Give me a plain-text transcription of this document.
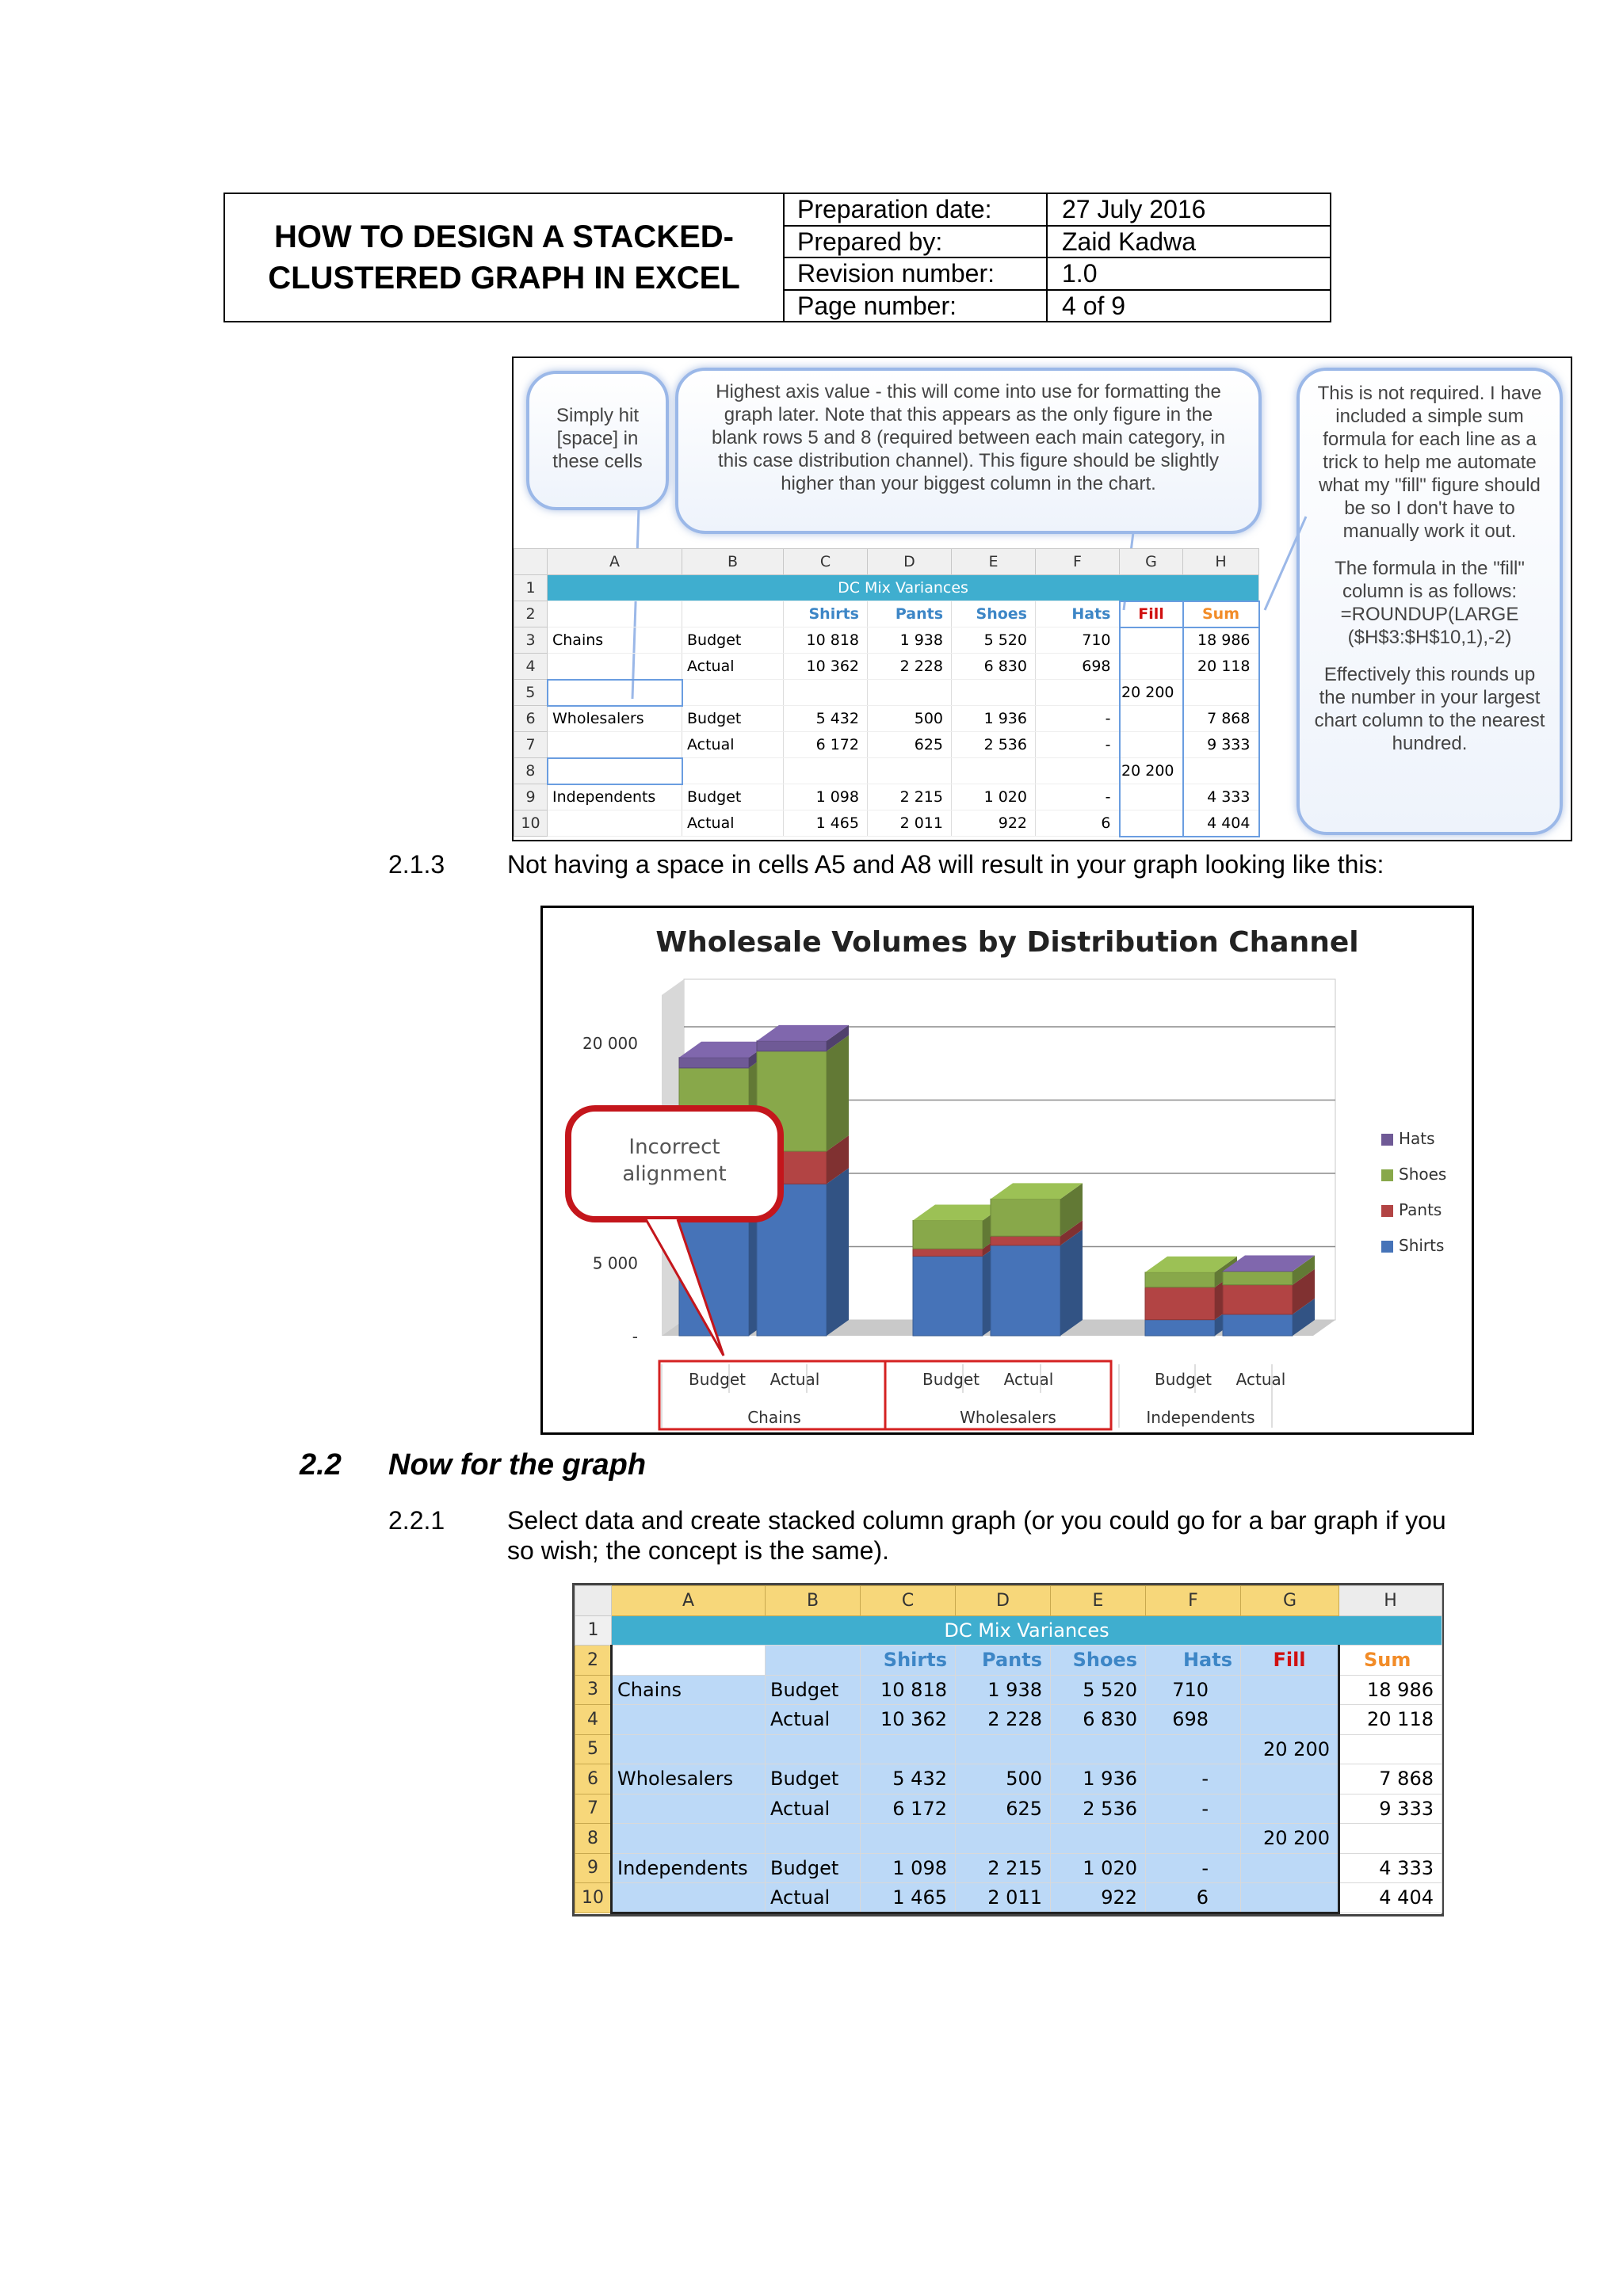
HOW TO DESIGN A STACKED-CLUSTERED GRAPH IN EXCEL
Preparation date:	27 July 2016
Prepared by:	Zaid Kadwa
Revision number:	1.0
Page number:	4 of 9
Simply hit [space] in these cells
Highest axis value - this will come into use for formatting the graph later. Note that this appears as the only figure in the blank rows 5 and 8 (required between each main category, in this case distribution channel). This figure should be slightly higher than your biggest column in the chart.
This is not required. I have included a simple sum formula for each line as a trick to help me automate what my "fill" figure should be so I don't have to manually work it out.
The formula in the "fill" column is as follows: =ROUNDUP(LARGE ($H$3:$H$10,1),-2)
Effectively this rounds up the number in your largest chart column to the nearest hundred.
	A	B	C	D	E	F	G	H
1	DC Mix Variances							
2			Shirts	Pants	Shoes	Hats	Fill	Sum
3	Chains	Budget	10 818	1 938	5 520	710		18 986
4		Actual	10 362	2 228	6 830	698		20 118
5							20 200	
6	Wholesalers	Budget	5 432	500	1 936	-		7 868
7		Actual	6 172	625	2 536	-		9 333
8							20 200	
9	Independents	Budget	1 098	2 215	1 020	-		4 333
10		Actual	1 465	2 011	922	6		4 404
2.1.3 Not having a space in cells A5 and A8 will result in your graph looking like this:
Wholesale Volumes by Distribution Channel
20 000
5 000
-
Budget Actual	Budget Actual	Budget Actual
Chains	Wholesalers	Independents
Incorrect alignment
Hats
Shoes
Pants
Shirts
2.2 Now for the graph
2.2.1 Select data and create stacked column graph (or you could go for a bar graph if you
so wish; the concept is the same).
	A	B	C	D	E	F	G	H
1	DC Mix Variances							
2			Shirts	Pants	Shoes	Hats	Fill	Sum
3	Chains	Budget	10 818	1 938	5 520	710		18 986
4		Actual	10 362	2 228	6 830	698		20 118
5							20 200	
6	Wholesalers	Budget	5 432	500	1 936	-		7 868
7		Actual	6 172	625	2 536	-		9 333
8							20 200	
9	Independents	Budget	1 098	2 215	1 020	-		4 333
10		Actual	1 465	2 011	922	6		4 404
